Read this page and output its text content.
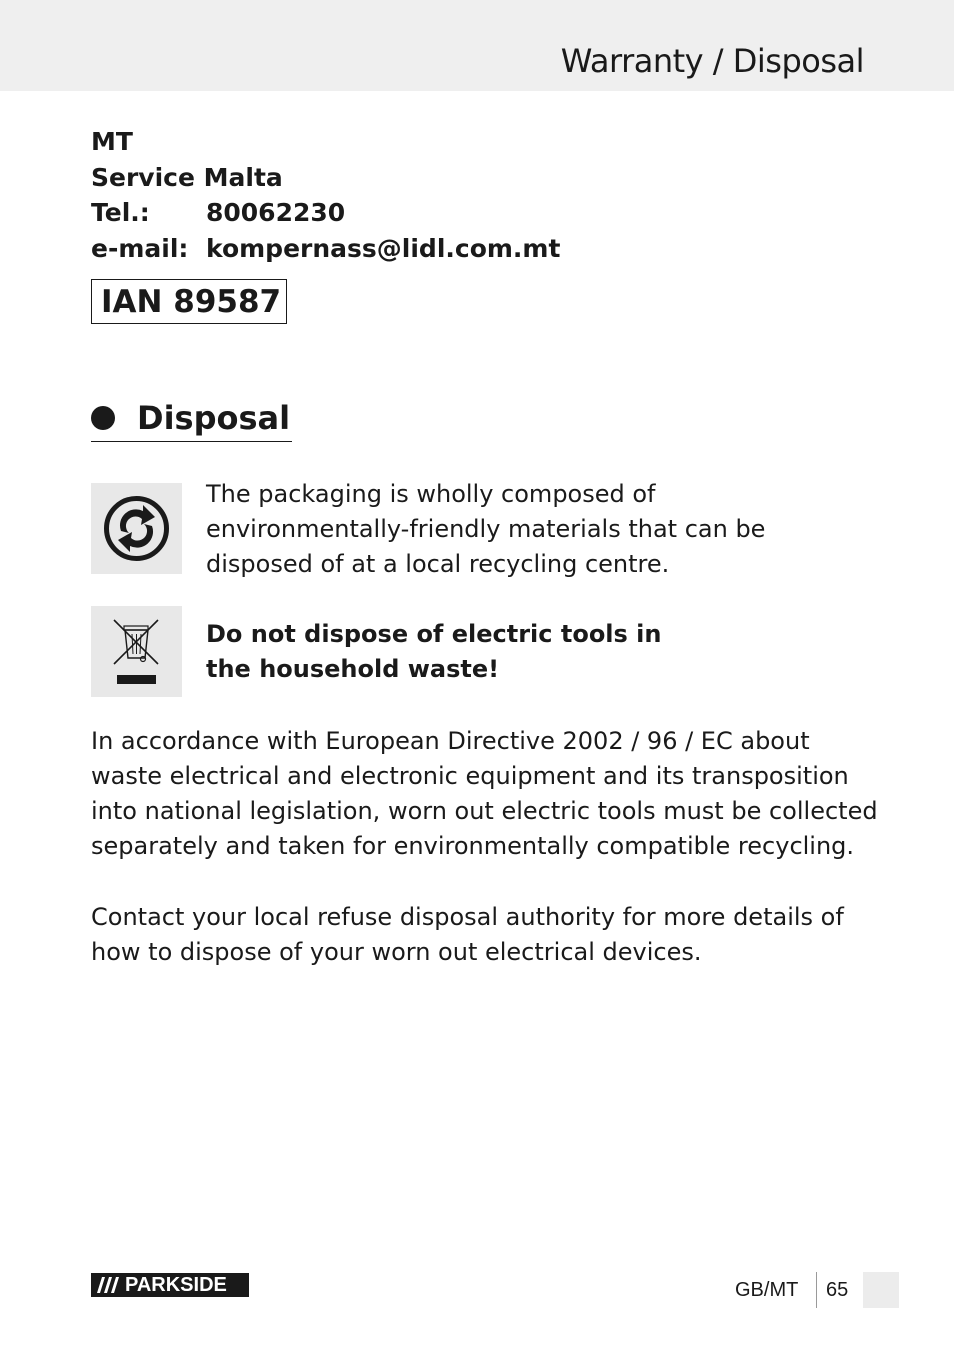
Warranty / Disposal
MT
Service Malta
Tel.:	80062230
e-mail: kompernass@lidl.com.mt
IAN 89587
Disposal
The packaging is wholly composed of environmentally-friendly materials that can be disposed of at a local recycling centre.
Do not dispose of electric tools in
the household waste!
In accordance with European Directive 2002 / 96 / EC about waste electrical and electronic equipment and its transposition into national legislation, worn out electric tools must be collected separately and taken for environmentally compatible recycling.
Contact your local refuse disposal authority for more details of how to dispose of your worn out electrical devices.
PARKSIDE	GB/MT 65
